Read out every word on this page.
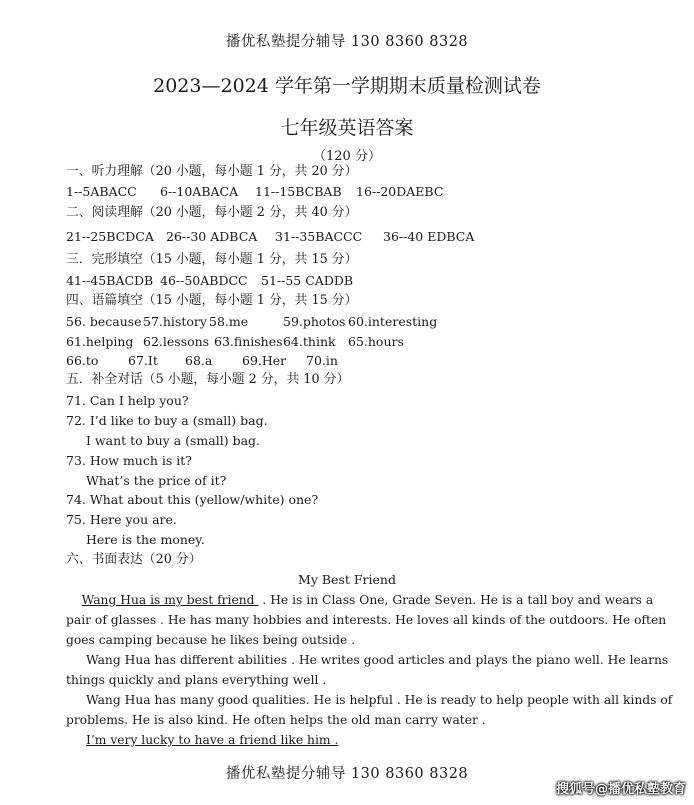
播优私塾提分辅导 130 8360 8328
2023—2024 学年第一学期期末质量检测试卷
七年级英语答案
（120 分）
一、听力理解（20 小题，每小题 1 分，共 20 分）
1--5ABACC 6--10ABACA 11--15BCBAB 16--20DAEBC
二、阅读理解（20 小题，每小题 2 分，共 40 分）
21--25BCDCA 26--30 ADBCA 31--35BACCC 36--40 EDBCA
三．完形填空（15 小题，每小题 1 分，共 15 分）
41--45BACDB 46--50ABDCC 51--55 CADDB
四、语篇填空（15 小题，每小题 1 分，共 15 分）
56. because 57.history 58.me	59.photos 60.interesting
61.helping 62.lessons 63.finishes 64.think 65.hours
66.to 67.It 68.a 69.Her 70.in
五．补全对话（5 小题，每小题 2 分，共 10 分）
71. Can I help you?
72. I’d like to buy a (small) bag.
I want to buy a (small) bag.
73. How much is it?
What’s the price of it?
74. What about this (yellow/white) one?
75. Here you are.
Here is the money.
六、书面表达（20 分）
My Best Friend
Wang Hua is my best friend . He is in Class One, Grade Seven. He is a tall boy and wears a
pair of glasses . He has many hobbies and interests. He loves all kinds of the outdoors. He often
goes camping because he likes being outside .
Wang Hua has different abilities . He writes good articles and plays the piano well. He learns
things quickly and plans everything well .
Wang Hua has many good qualities. He is helpful . He is ready to help people with all kinds of
problems. He is also kind. He often helps the old man carry water .
I’m very lucky to have a friend like him .
播优私塾提分辅导 130 8360 8328
搜狐号@播优私塾教育
